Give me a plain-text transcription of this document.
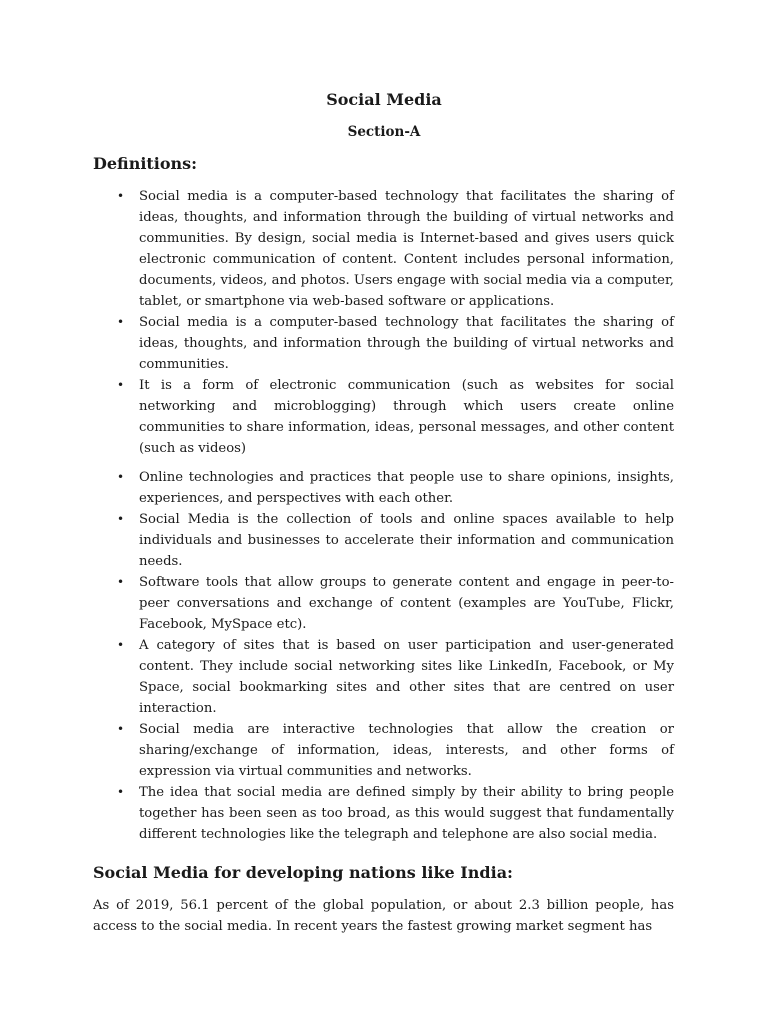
Social Media
Section-A
Definitions:
•	Social media is a computer-based technology that facilitates the sharing of ideas, thoughts, and information through the building of virtual networks and communities. By design, social media is Internet-based and gives users quick electronic communication of content. Content includes personal information, documents, videos, and photos. Users engage with social media via a computer, tablet, or smartphone via web-based software or applications.
•	Social media is a computer-based technology that facilitates the sharing of ideas, thoughts, and information through the building of virtual networks and communities.
•	It is a form of electronic communication (such as websites for social networking and microblogging) through which users create online communities to share information, ideas, personal messages, and other content (such as videos)
•	Online technologies and practices that people use to share opinions, insights, experiences, and perspectives with each other.
•	Social Media is the collection of tools and online spaces available to help individuals and businesses to accelerate their information and communication needs.
•	Software tools that allow groups to generate content and engage in peer-to-peer conversations and exchange of content (examples are YouTube, Flickr, Facebook, MySpace etc).
•	A category of sites that is based on user participation and user-generated content. They include social networking sites like LinkedIn, Facebook, or My Space, social bookmarking sites and other sites that are centred on user interaction.
•	Social media are interactive technologies that allow the creation or sharing/exchange of information, ideas, interests, and other forms of expression via virtual communities and networks.
•	The idea that social media are defined simply by their ability to bring people together has been seen as too broad, as this would suggest that fundamentally different technologies like the telegraph and telephone are also social media.
Social Media for developing nations like India:
As of 2019, 56.1 percent of the global population, or about 2.3 billion people, has access to the social media. In recent years the fastest growing market segment has
